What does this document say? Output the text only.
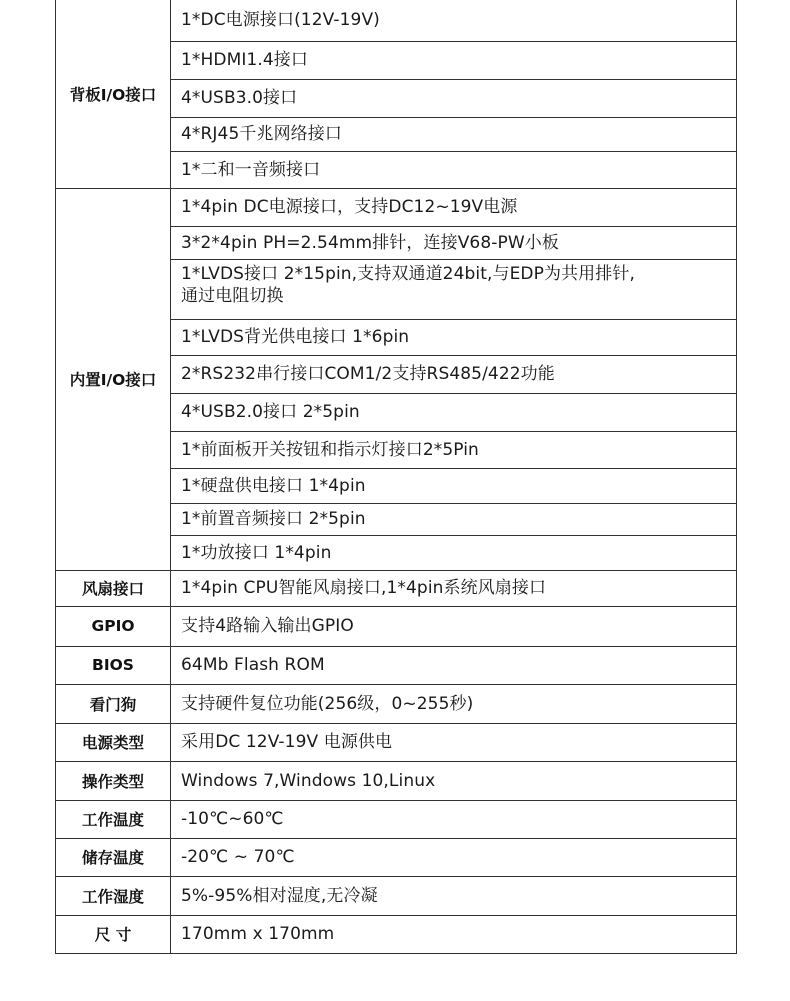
背板I/O接口	1*DC电源接口(12V-19V)
	1*HDMI1.4接口
	4*USB3.0接口
	4*RJ45千兆网络接口
	1*二和一音频接口
内置I/O接口	1*4pin DC电源接口，支持DC12~19V电源
	3*2*4pin PH=2.54mm排针，连接V68-PW小板

	1*LVDS接口 2*15pin,支持双通道24bit,与EDP为共用排针,
通过电阻切换

	1*LVDS背光供电接口 1*6pin
	2*RS232串行接口COM1/2支持RS485/422功能
	4*USB2.0接口 2*5pin
	1*前面板开关按钮和指示灯接口2*5Pin
	1*硬盘供电接口 1*4pin
	1*前置音频接口 2*5pin
	1*功放接口 1*4pin
风扇接口	1*4pin CPU智能风扇接口,1*4pin系统风扇接口
GPIO	支持4路输入输出GPIO
BIOS	64Mb Flash ROM
看门狗	支持硬件复位功能(256级，0~255秒)
电源类型	采用DC 12V-19V 电源供电
操作类型	Windows 7,Windows 10,Linux
工作温度	-10℃~60℃
储存温度	-20℃ ~ 70℃
工作湿度	5%-95%相对湿度,无冷凝
尺 寸	170mm x 170mm
